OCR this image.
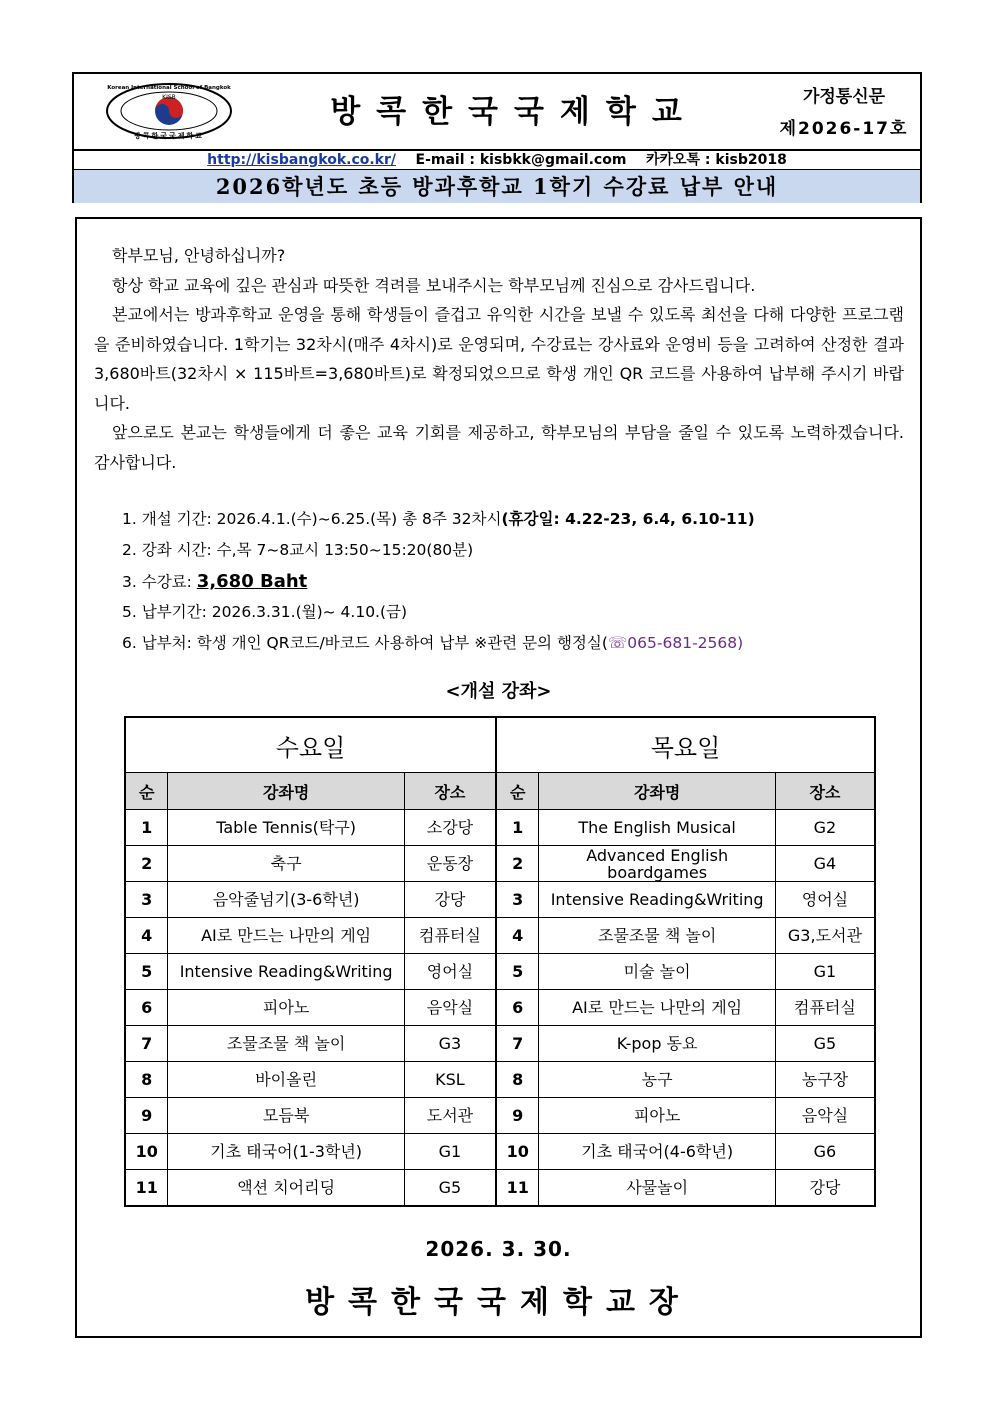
Korean International School of Bangkok
KISB
방콕한국국제학교
방콕한국국제학교	가정통신문
제2026-17호
http://kisbangkok.co.kr/ E-mail : kisbkk@gmail.com 카카오톡 : kisb2018
2026학년도 초등 방과후학교 1학기 수강료 납부 안내

학부모님, 안녕하십니까?

항상 학교 교육에 깊은 관심과 따뜻한 격려를 보내주시는 학부모님께 진심으로 감사드립니다.

본교에서는 방과후학교 운영을 통해 학생들이 즐겁고 유익한 시간을 보낼 수 있도록 최선을 다해 다양한 프로그램을 준비하였습니다. 1학기는 32차시(매주 4차시)로 운영되며, 수강료는 강사료와 운영비 등을 고려하여 산정한 결과 3,680바트(32차시 × 115바트=3,680바트)로 확정되었으므로 학생 개인 QR 코드를 사용하여 납부해 주시기 바랍니다.

앞으로도 본교는 학생들에게 더 좋은 교육 기회를 제공하고, 학부모님의 부담을 줄일 수 있도록 노력하겠습니다. 감사합니다.

1. 개설 기간: 2026.4.1.(수)~6.25.(목) 총 8주 32차시(휴강일: 4.22-23, 6.4, 6.10-11)
2. 강좌 시간: 수,목 7~8교시 13:50~15:20(80분)
3. 수강료: 3,680 Baht
5. 납부기간: 2026.3.31.(월)~ 4.10.(금)
6. 납부처: 학생 개인 QR코드/바코드 사용하여 납부 ※관련 문의 행정실(☏065-681-2568)
<개설 강좌>
수요일			목요일		
순	강좌명	장소	순	강좌명	장소
1	Table Tennis(탁구)	소강당	1	The English Musical	G2
2	축구	운동장	2	Advanced English boardgames	G4
3	음악줄넘기(3-6학년)	강당	3	Intensive Reading&Writing	영어실
4	AI로 만드는 나만의 게임	컴퓨터실	4	조물조물 책 놀이	G3,도서관
5	Intensive Reading&Writing	영어실	5	미술 놀이	G1
6	피아노	음악실	6	AI로 만드는 나만의 게임	컴퓨터실
7	조물조물 책 놀이	G3	7	K-pop 동요	G5
8	바이올린	KSL	8	농구	농구장
9	모듬북	도서관	9	피아노	음악실
10	기초 태국어(1-3학년)	G1	10	기초 태국어(4-6학년)	G6
11	액션 치어리딩	G5	11	사물놀이	강당
2026. 3. 30.
방콕한국국제학교장
